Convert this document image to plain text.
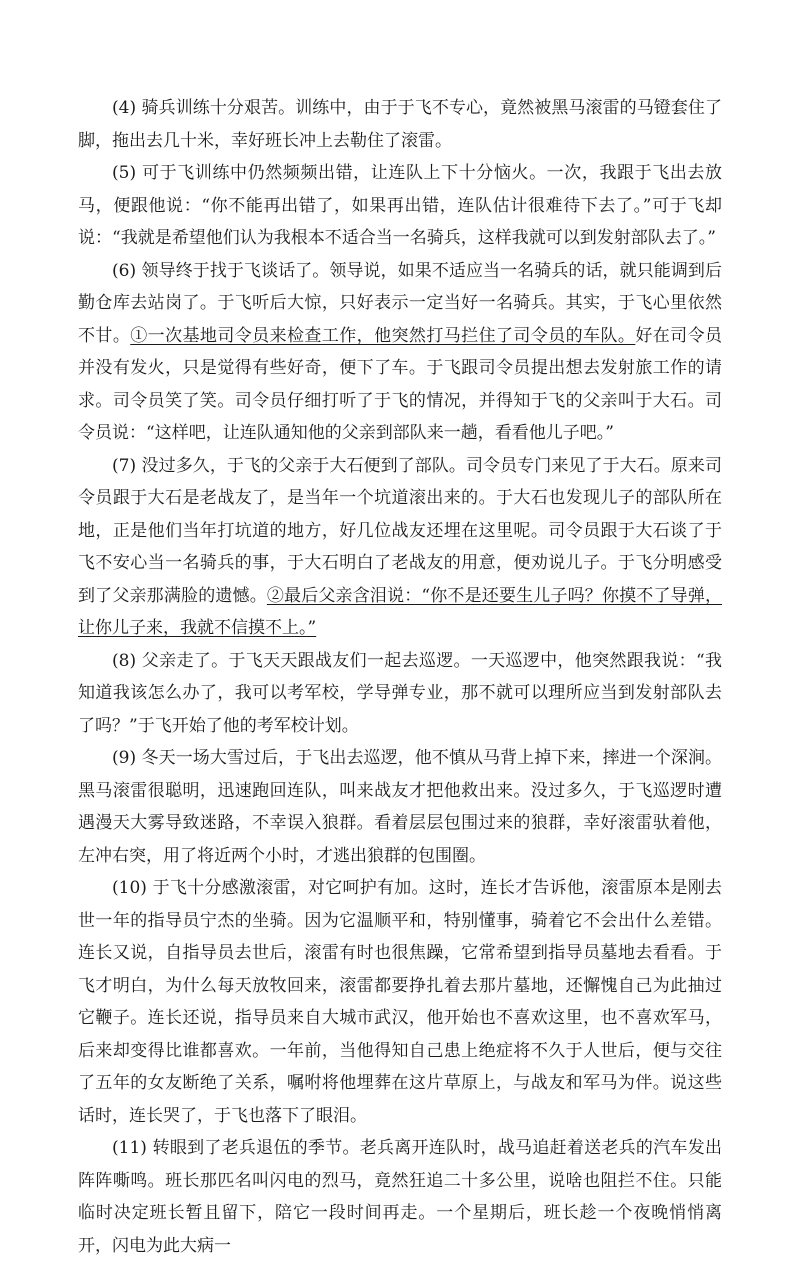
(4) 骑兵训练十分艰苦。训练中，由于于飞不专心，竟然被黑马滚雷的马镫套住了脚，拖出去几十米，幸好班长冲上去勒住了滚雷。

(5) 可于飞训练中仍然频频出错，让连队上下十分恼火。一次，我跟于飞出去放马，便跟他说：“你不能再出错了，如果再出错，连队估计很难待下去了。”可于飞却说：“我就是希望他们认为我根本不适合当一名骑兵，这样我就可以到发射部队去了。”

(6) 领导终于找于飞谈话了。领导说，如果不适应当一名骑兵的话，就只能调到后勤仓库去站岗了。于飞听后大惊，只好表示一定当好一名骑兵。其实，于飞心里依然不甘。①一次基地司令员来检查工作，他突然打马拦住了司令员的车队。好在司令员并没有发火，只是觉得有些好奇，便下了车。于飞跟司令员提出想去发射旅工作的请求。司令员笑了笑。司令员仔细打听了于飞的情况，并得知于飞的父亲叫于大石。司令员说：“这样吧，让连队通知他的父亲到部队来一趟，看看他儿子吧。”

(7) 没过多久，于飞的父亲于大石便到了部队。司令员专门来见了于大石。原来司令员跟于大石是老战友了，是当年一个坑道滚出来的。于大石也发现儿子的部队所在地，正是他们当年打坑道的地方，好几位战友还埋在这里呢。司令员跟于大石谈了于飞不安心当一名骑兵的事，于大石明白了老战友的用意，便劝说儿子。于飞分明感受到了父亲那满脸的遗憾。②最后父亲含泪说：“你不是还要生儿子吗？你摸不了导弹，让你儿子来，我就不信摸不上。”

(8) 父亲走了。于飞天天跟战友们一起去巡逻。一天巡逻中，他突然跟我说：“我知道我该怎么办了，我可以考军校，学导弹专业，那不就可以理所应当到发射部队去了吗？”于飞开始了他的考军校计划。

(9) 冬天一场大雪过后，于飞出去巡逻，他不慎从马背上掉下来，摔进一个深涧。黑马滚雷很聪明，迅速跑回连队，叫来战友才把他救出来。没过多久，于飞巡逻时遭遇漫天大雾导致迷路，不幸误入狼群。看着层层包围过来的狼群，幸好滚雷驮着他，左冲右突，用了将近两个小时，才逃出狼群的包围圈。

(10) 于飞十分感激滚雷，对它呵护有加。这时，连长才告诉他，滚雷原本是刚去世一年的指导员宁杰的坐骑。因为它温顺平和，特别懂事，骑着它不会出什么差错。连长又说，自指导员去世后，滚雷有时也很焦躁，它常希望到指导员墓地去看看。于飞才明白，为什么每天放牧回来，滚雷都要挣扎着去那片墓地，还懈愧自己为此抽过它鞭子。连长还说，指导员来自大城市武汉，他开始也不喜欢这里，也不喜欢军马，后来却变得比谁都喜欢。一年前，当他得知自己患上绝症将不久于人世后，便与交往了五年的女友断绝了关系，嘱咐将他埋葬在这片草原上，与战友和军马为伴。说这些话时，连长哭了，于飞也落下了眼泪。

(11) 转眼到了老兵退伍的季节。老兵离开连队时，战马追赶着送老兵的汽车发出阵阵嘶鸣。班长那匹名叫闪电的烈马，竟然狂追二十多公里，说啥也阻拦不住。只能临时决定班长暂且留下，陪它一段时间再走。一个星期后，班长趁一个夜晚悄悄离开，闪电为此大病一
